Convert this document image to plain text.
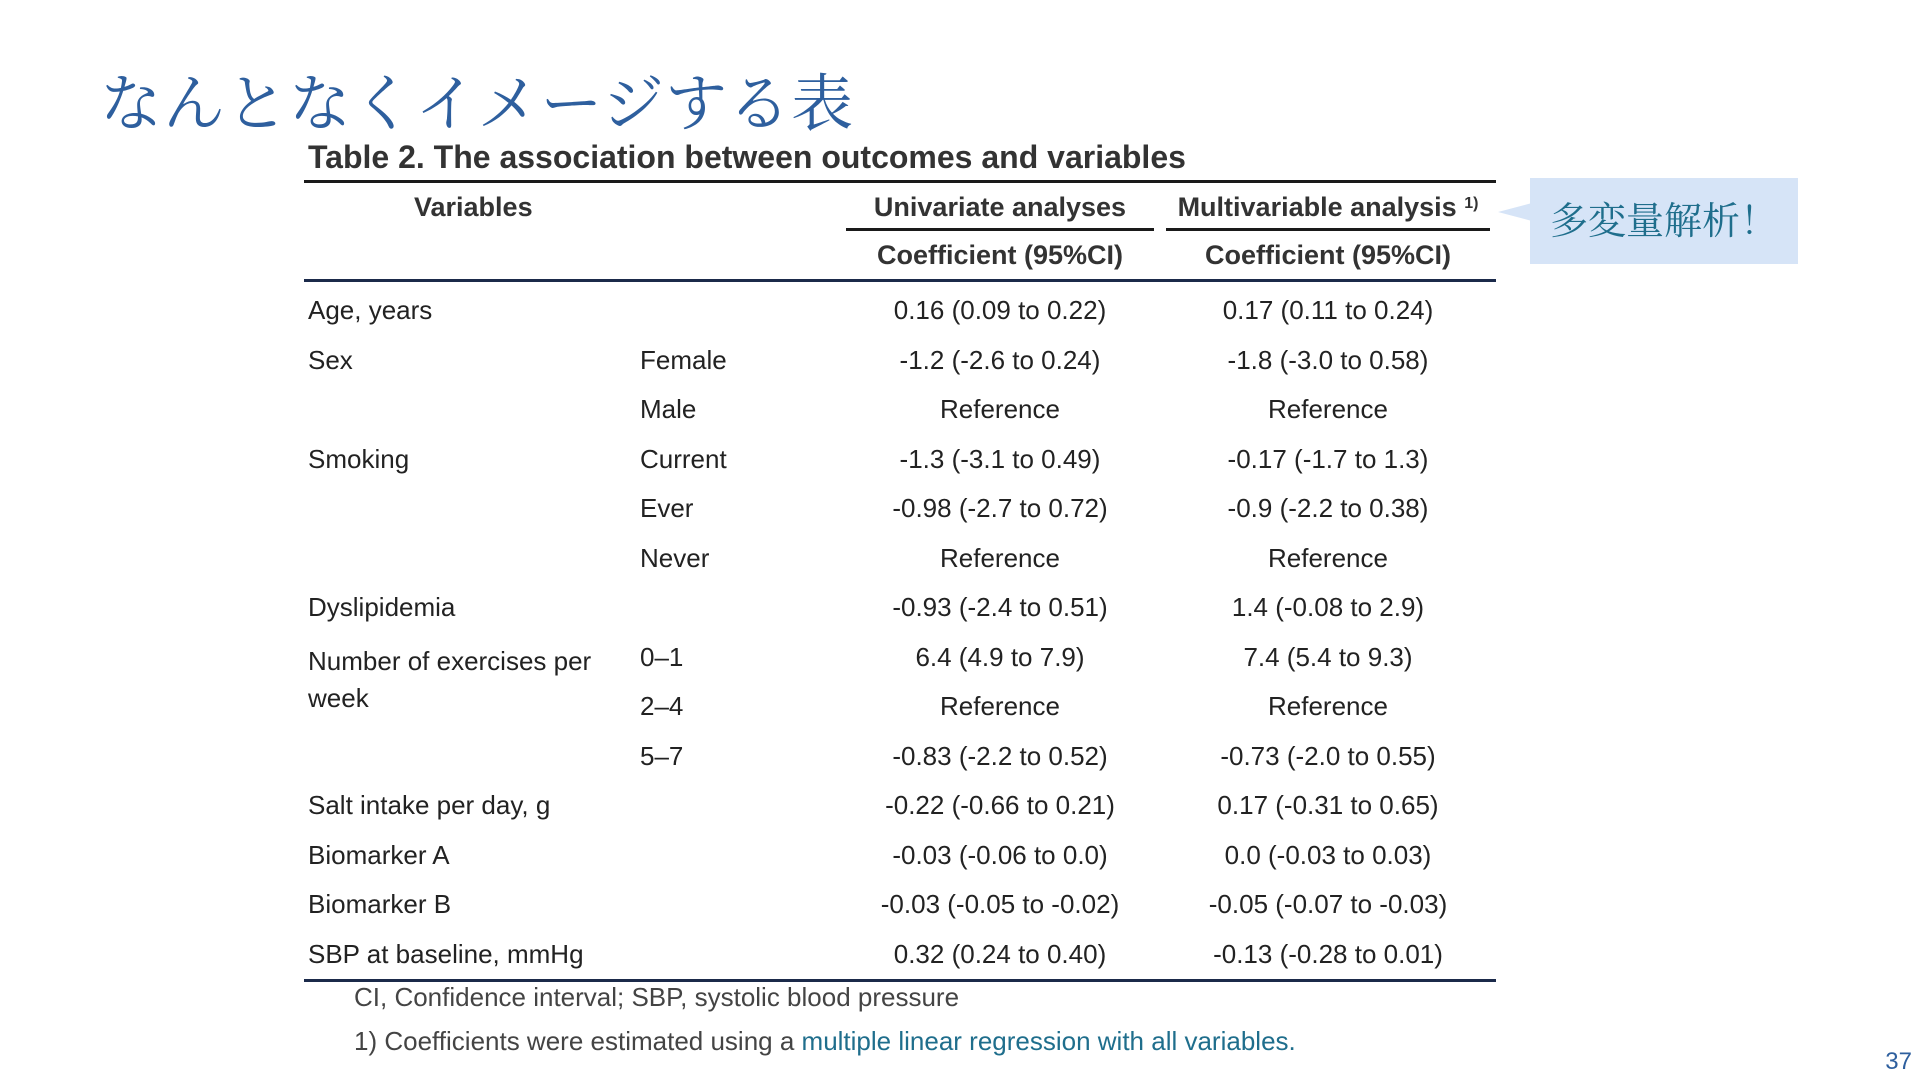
なんとなくイメージする表
Table 2. The association between outcomes and variables
Variables		Univariate analyses	Multivariable analysis $^{1)}$

		Coefficient (95%CI)	Coefficient (95%CI)
Age, years		0.16 (0.09 to 0.22)	0.17 (0.11 to 0.24)
Sex	Female	-1.2 (-2.6 to 0.24)	-1.8 (-3.0 to 0.58)
	Male	Reference	Reference
Smoking	Current	-1.3 (-3.1 to 0.49)	-0.17 (-1.7 to 1.3)
	Ever	-0.98 (-2.7 to 0.72)	-0.9 (-2.2 to 0.38)
	Never	Reference	Reference
Dyslipidemia		-0.93 (-2.4 to 0.51)	1.4 (-0.08 to 2.9)
Number of exercises per week	0–1	6.4 (4.9 to 7.9)	7.4 (5.4 to 9.3)
	2–4	Reference	Reference
	5–7	-0.83 (-2.2 to 0.52)	-0.73 (-2.0 to 0.55)
Salt intake per day, g		-0.22 (-0.66 to 0.21)	0.17 (-0.31 to 0.65)
Biomarker A		-0.03 (-0.06 to 0.0)	0.0 (-0.03 to 0.03)
Biomarker B		-0.03 (-0.05 to -0.02)	-0.05 (-0.07 to -0.03)
SBP at baseline, mmHg		0.32 (0.24 to 0.40)	-0.13 (-0.28 to 0.01)
CI, Confidence interval; SBP, systolic blood pressure
1) Coefficients were estimated using a multiple linear regression with all variables.
多変量解析！
37
